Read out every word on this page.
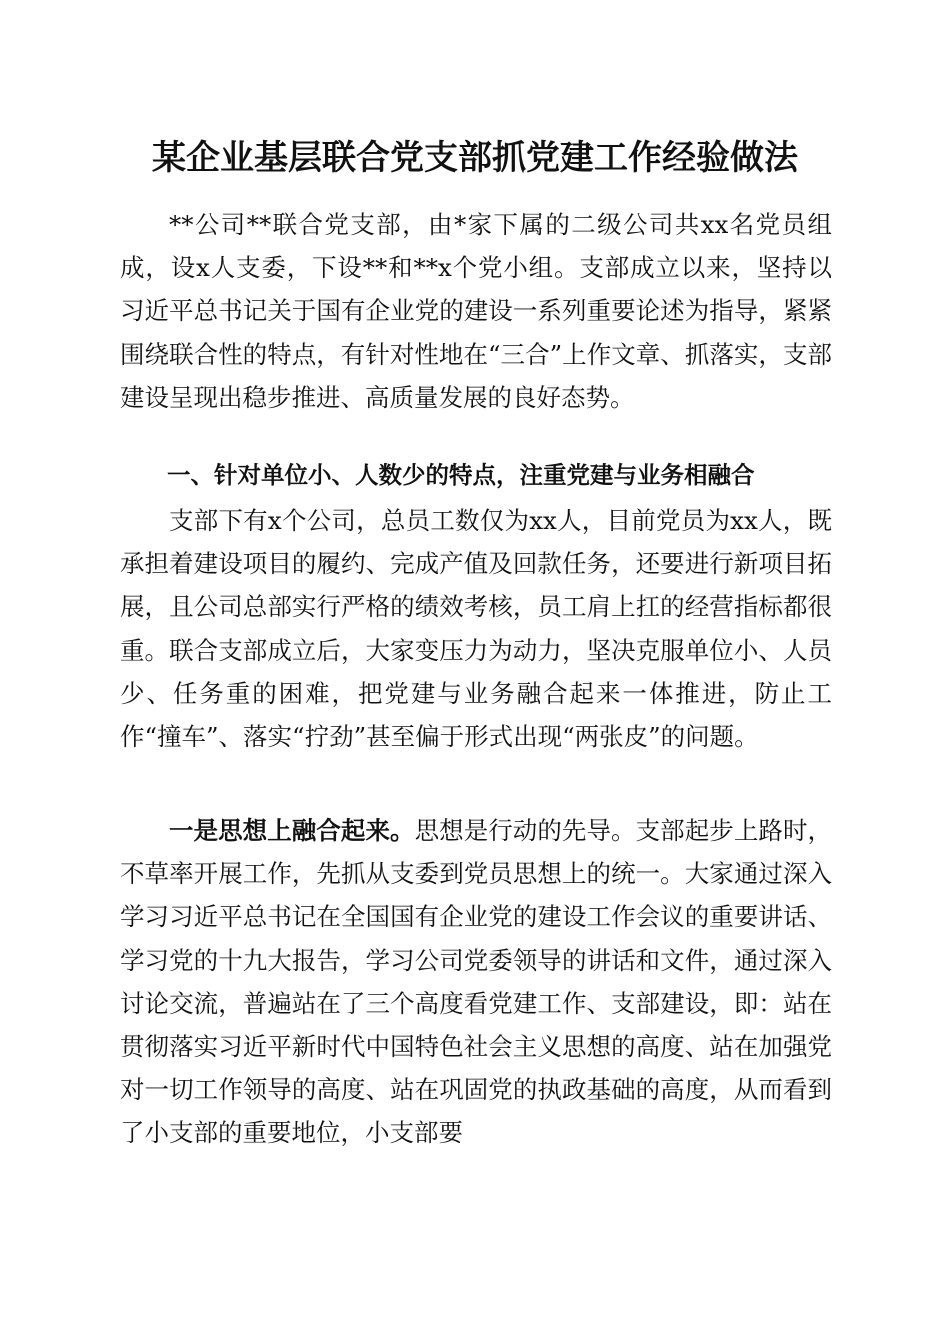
某企业基层联合党支部抓党建工作经验做法

**公司**联合党支部，由*家下属的二级公司共xx名党员组成，设x人支委，下设**和**x个党小组。支部成立以来，坚持以习近平总书记关于国有企业党的建设一系列重要论述为指导，紧紧围绕联合性的特点，有针对性地在“三合”上作文章、抓落实，支部建设呈现出稳步推进、高质量发展的良好态势。

一、针对单位小、人数少的特点，注重党建与业务相融合

支部下有x个公司，总员工数仅为xx人，目前党员为xx人，既承担着建设项目的履约、完成产值及回款任务，还要进行新项目拓展，且公司总部实行严格的绩效考核，员工肩上扛的经营指标都很重。联合支部成立后，大家变压力为动力，坚决克服单位小、人员少、任务重的困难，把党建与业务融合起来一体推进，防止工作“撞车”、落实“拧劲”甚至偏于形式出现“两张皮”的问题。

一是思想上融合起来。思想是行动的先导。支部起步上路时，不草率开展工作，先抓从支委到党员思想上的统一。大家通过深入学习习近平总书记在全国国有企业党的建设工作会议的重要讲话、学习党的十九大报告，学习公司党委领导的讲话和文件，通过深入讨论交流，普遍站在了三个高度看党建工作、支部建设，即：站在贯彻落实习近平新时代中国特色社会主义思想的高度、站在加强党对一切工作领导的高度、站在巩固党的执政基础的高度，从而看到了小支部的重要地位，小支部要
